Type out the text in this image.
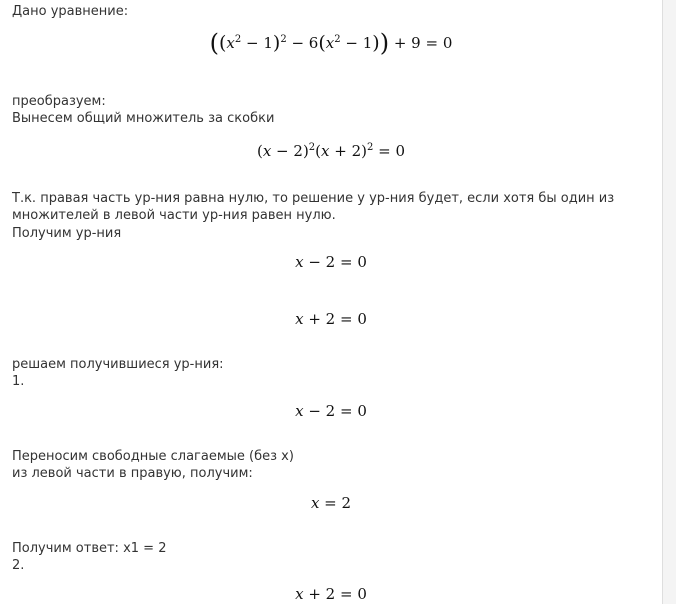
Дано уравнение:
$((x^2 - 1)^2 - 6(x^2 - 1)) + 9 = 0$
преобразуем:
Вынесем общий множитель за скобки
$(x - 2)^2(x + 2)^2 = 0$
Т.к. правая часть ур-ния равна нулю, то решение у ур-ния будет, если хотя бы один из
множителей в левой части ур-ния равен нулю.
Получим ур-ния
x − 2 = 0
x + 2 = 0
решаем получившиеся ур-ния:
1.
x − 2 = 0
Переносим свободные слагаемые (без x)
из левой части в правую, получим:
x = 2
Получим ответ: x1 = 2
2.
x + 2 = 0
